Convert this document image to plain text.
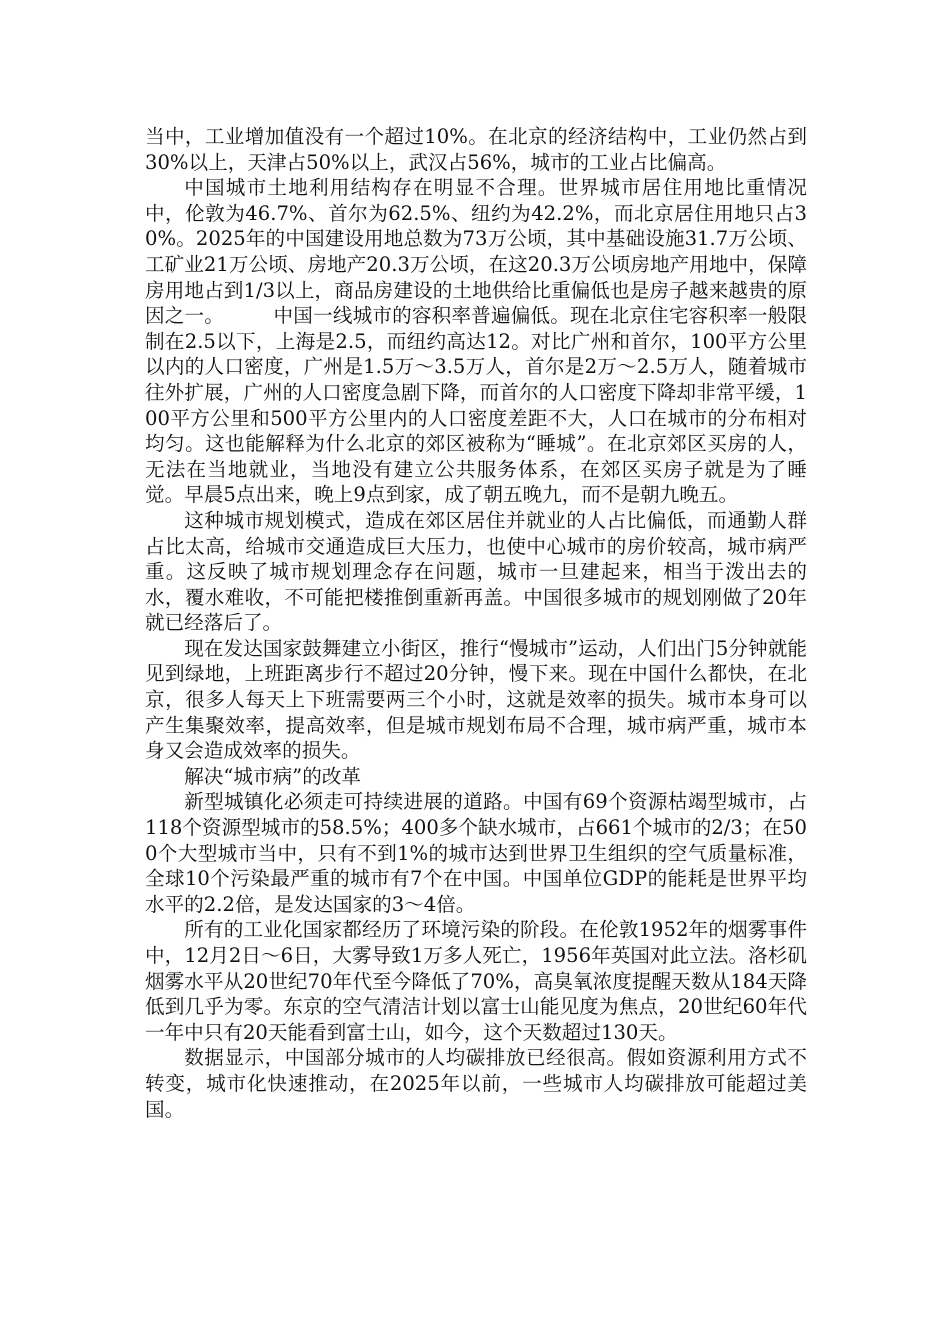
当中，工业增加值没有一个超过10%。在北京的经济结构中，工业仍然占到30%以上，天津占50%以上，武汉占56%，城市的工业占比偏高。

中国城市土地利用结构存在明显不合理。世界城市居住用地比重情况中，伦敦为46.7%、首尔为62.5%、纽约为42.2%，而北京居住用地只占30%。2025年的中国建设用地总数为73万公顷，其中基础设施31.7万公顷、工矿业21万公顷、房地产20.3万公顷，在这20.3万公顷房地产用地中，保障房用地占到1/3以上，商品房建设的土地供给比重偏低也是房子越来越贵的原因之一。　　　中国一线城市的容积率普遍偏低。现在北京住宅容积率一般限制在2.5以下，上海是2.5，而纽约高达12。对比广州和首尔，100平方公里以内的人口密度，广州是1.5万～3.5万人，首尔是2万～2.5万人，随着城市往外扩展，广州的人口密度急剧下降，而首尔的人口密度下降却非常平缓，100平方公里和500平方公里内的人口密度差距不大，人口在城市的分布相对均匀。这也能解释为什么北京的郊区被称为“睡城”。在北京郊区买房的人，无法在当地就业，当地没有建立公共服务体系，在郊区买房子就是为了睡觉。早晨5点出来，晚上9点到家，成了朝五晚九，而不是朝九晚五。

这种城市规划模式，造成在郊区居住并就业的人占比偏低，而通勤人群占比太高，给城市交通造成巨大压力，也使中心城市的房价较高，城市病严重。这反映了城市规划理念存在问题，城市一旦建起来，相当于泼出去的水，覆水难收，不可能把楼推倒重新再盖。中国很多城市的规划刚做了20年就已经落后了。

现在发达国家鼓舞建立小街区，推行“慢城市”运动，人们出门5分钟就能见到绿地，上班距离步行不超过20分钟，慢下来。现在中国什么都快，在北京，很多人每天上下班需要两三个小时，这就是效率的损失。城市本身可以产生集聚效率，提高效率，但是城市规划布局不合理，城市病严重，城市本身又会造成效率的损失。

解决“城市病”的改革

新型城镇化必须走可持续进展的道路。中国有69个资源枯竭型城市，占118个资源型城市的58.5%；400多个缺水城市，占661个城市的2/3；在500个大型城市当中，只有不到1%的城市达到世界卫生组织的空气质量标准，全球10个污染最严重的城市有7个在中国。中国单位GDP的能耗是世界平均水平的2.2倍，是发达国家的3～4倍。

所有的工业化国家都经历了环境污染的阶段。在伦敦1952年的烟雾事件中，12月2日～6日，大雾导致1万多人死亡，1956年英国对此立法。洛杉矶烟雾水平从20世纪70年代至今降低了70%，高臭氧浓度提醒天数从184天降低到几乎为零。东京的空气清洁计划以富士山能见度为焦点，20世纪60年代一年中只有20天能看到富士山，如今，这个天数超过130天。

数据显示，中国部分城市的人均碳排放已经很高。假如资源利用方式不转变，城市化快速推动，在2025年以前，一些城市人均碳排放可能超过美国。
